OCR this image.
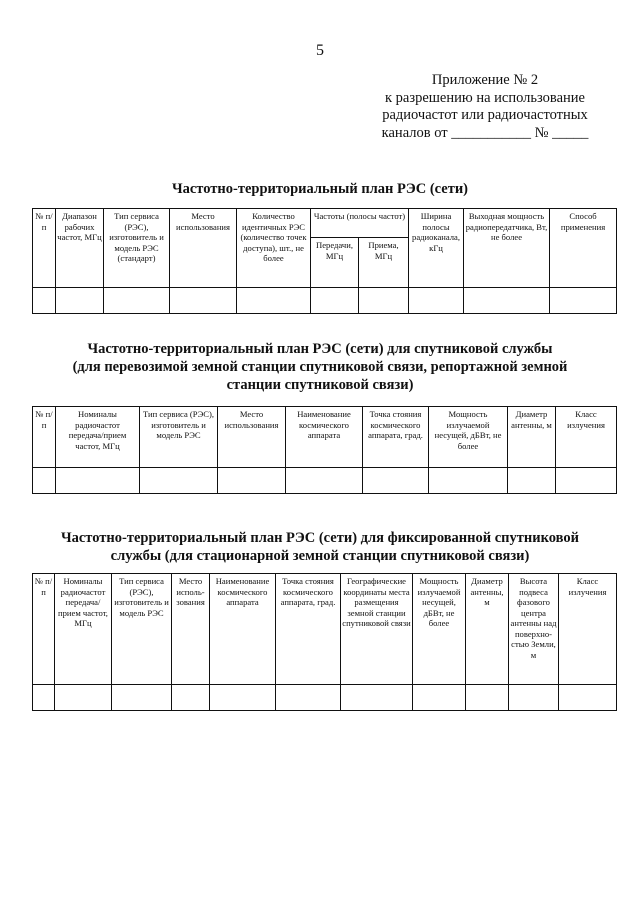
5
Приложение № 2
к разрешению на использование
радиочастот или радиочастотных
каналов от ___________ № _____
Частотно-территориальный план РЭС (сети)
№ п/п	Диапазон рабочих частот, МГц	Тип сервиса (РЭС), изготовитель и модель РЭС (стандарт)	Место использования	Количество идентичных РЭС (количество точек доступа), шт., не более	Частоты (полосы частот)		Ширина полосы радиоканала, кГц	Выходная мощность радиопередатчика, Вт, не более	Способ применения
					Передачи, МГц	Приема, МГц			

Частотно-территориальный план РЭС (сети) для спутниковой службы
(для перевозимой земной станции спутниковой связи, репортажной земной
станции спутниковой связи)
№ п/п	Номиналы радиочастот передача/прием частот, МГц	Тип сервиса (РЭС), изготовитель и модель РЭС	Место использования	Наименование космического аппарата	Точка стояния космического аппарата, град.	Мощность излучаемой несущей, дБВт, не более	Диаметр антенны, м	Класс излучения

Частотно-территориальный план РЭС (сети) для фиксированной спутниковой
службы (для стационарной земной станции спутниковой связи)
№ п/п	Номиналы радиочастот передача/ прием частот, МГц	Тип сервиса (РЭС), изготовитель и модель РЭС	Место исполь-зования	Наименование космического аппарата	Точка стояния космического аппарата, град.	Географические координаты места размещения земной станции спутниковой связи	Мощность излучаемой несущей, дБВт, не более	Диаметр антенны, м	Высота подвеса фазового центра антенны над поверхно-стью Земли, м	Класс излучения
